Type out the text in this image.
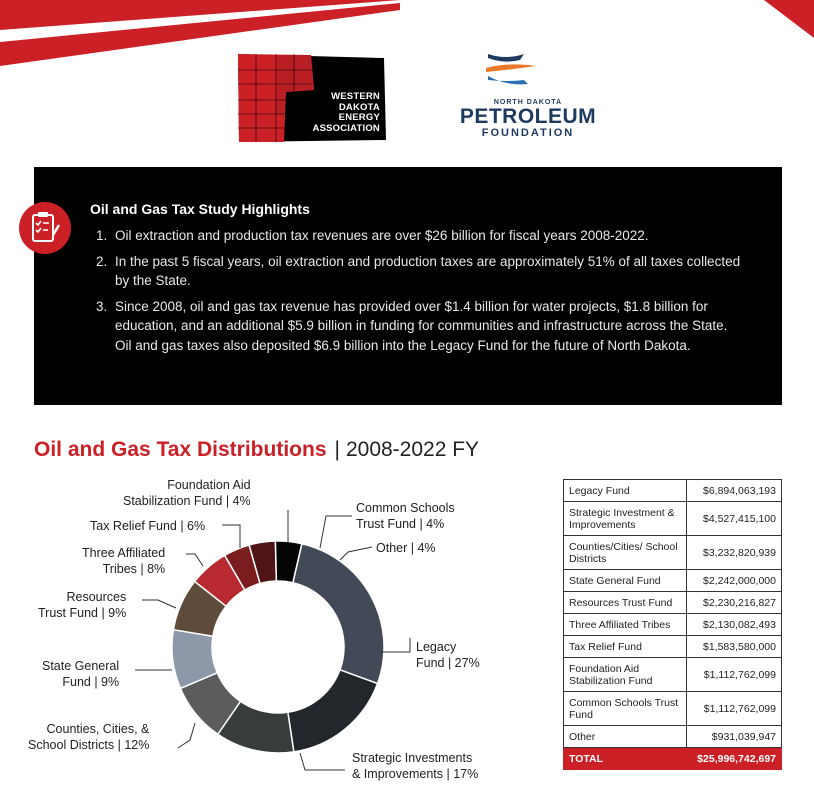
WESTERN
DAKOTA
ENERGY
ASSOCIATION
NORTH DAKOTA
PETROLEUM
FOUNDATION
Oil and Gas Tax Study Highlights
1. Oil extraction and production tax revenues are over $26 billion for fiscal years 2008-2022.
2. In the past 5 fiscal years, oil extraction and production taxes are approximately 51% of all taxes collected by the State.
3. Since 2008, oil and gas tax revenue has provided over $1.4 billion for water projects, $1.8 billion for education, and an additional $5.9 billion in funding for communities and infrastructure across the State. Oil and gas taxes also deposited $6.9 billion into the Legacy Fund for the future of North Dakota.
Oil and Gas Tax Distributions | 2008-2022 FY
Legacy
Fund | 27%
Strategic Investments
& Improvements | 17%
Counties, Cities, &
School Districts | 12%
State General
Fund | 9%
Resources
Trust Fund | 9%
Three Affiliated
Tribes | 8%
Tax Relief Fund | 6%
Foundation Aid
Stabilization Fund | 4%	Common Schools
Trust Fund | 4%
Other | 4%
Legacy Fund	$6,894,063,193
Strategic Investment & Improvements	$4,527,415,100
Counties/Cities/ School Districts	$3,232,820,939
State General Fund	$2,242,000,000
Resources Trust Fund	$2,230,216,827
Three Affiliated Tribes	$2,130,082,493
Tax Relief Fund	$1,583,580,000
Foundation Aid Stabilization Fund	$1,112,762,099
Common Schools Trust Fund	$1,112,762,099
Other	$931,039,947
TOTAL	$25,996,742,697
